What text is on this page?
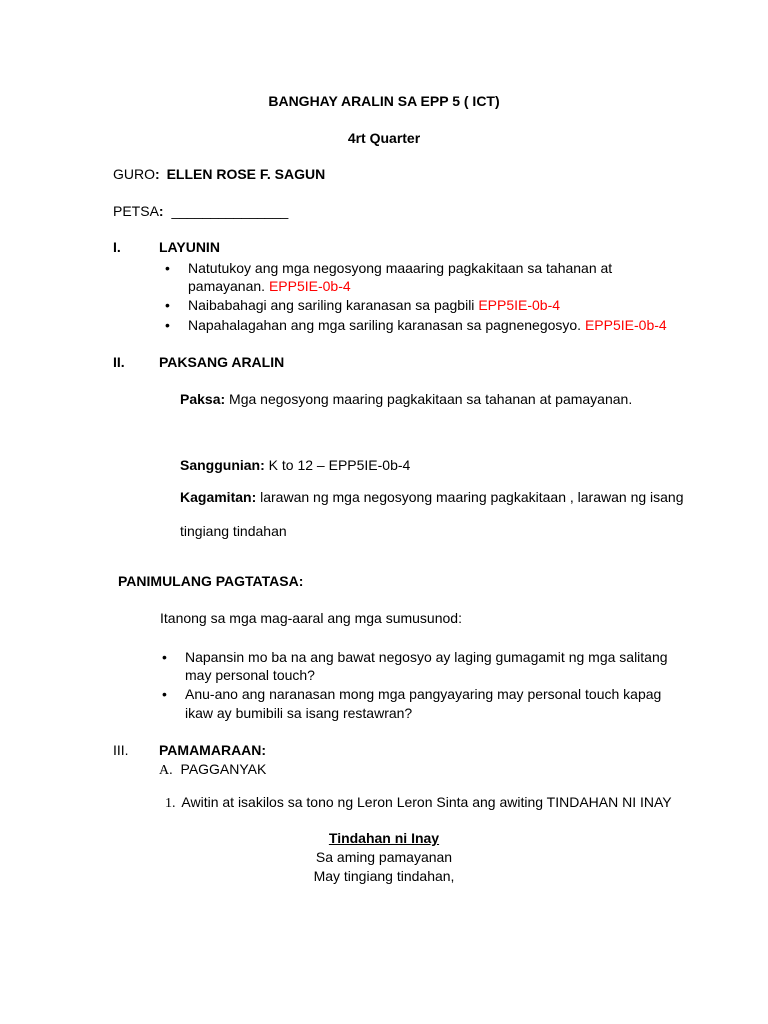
BANGHAY ARALIN SA EPP 5 ( ICT)
4rt Quarter
GURO: ELLEN ROSE F. SAGUN
PETSA: _______________
I.	LAYUNIN
• Natutukoy ang mga negosyong maaaring pagkakitaan sa tahanan at
pamayanan. EPP5IE-0b-4
• Naibabahagi ang sariling karanasan sa pagbili EPP5IE-0b-4
• Napahalagahan ang mga sariling karanasan sa pagnenegosyo. EPP5IE-0b-4
II. PAKSANG ARALIN
Paksa: Mga negosyong maaring pagkakitaan sa tahanan at pamayanan.
Sanggunian: K to 12 – EPP5IE-0b-4
Kagamitan: larawan ng mga negosyong maaring pagkakitaan , larawan ng isang
tingiang tindahan
PANIMULANG PAGTATASA:
Itanong sa mga mag-aaral ang mga sumusunod:
• Napansin mo ba na ang bawat negosyo ay laging gumagamit ng mga salitang
may personal touch?
• Anu-ano ang naranasan mong mga pangyayaring may personal touch kapag
ikaw ay bumibili sa isang restawran?
III. PAMAMARAAN:
A. PAGGANYAK
1. Awitin at isakilos sa tono ng Leron Leron Sinta ang awiting TINDAHAN NI INAY
Tindahan ni Inay
Sa aming pamayanan
May tingiang tindahan,
